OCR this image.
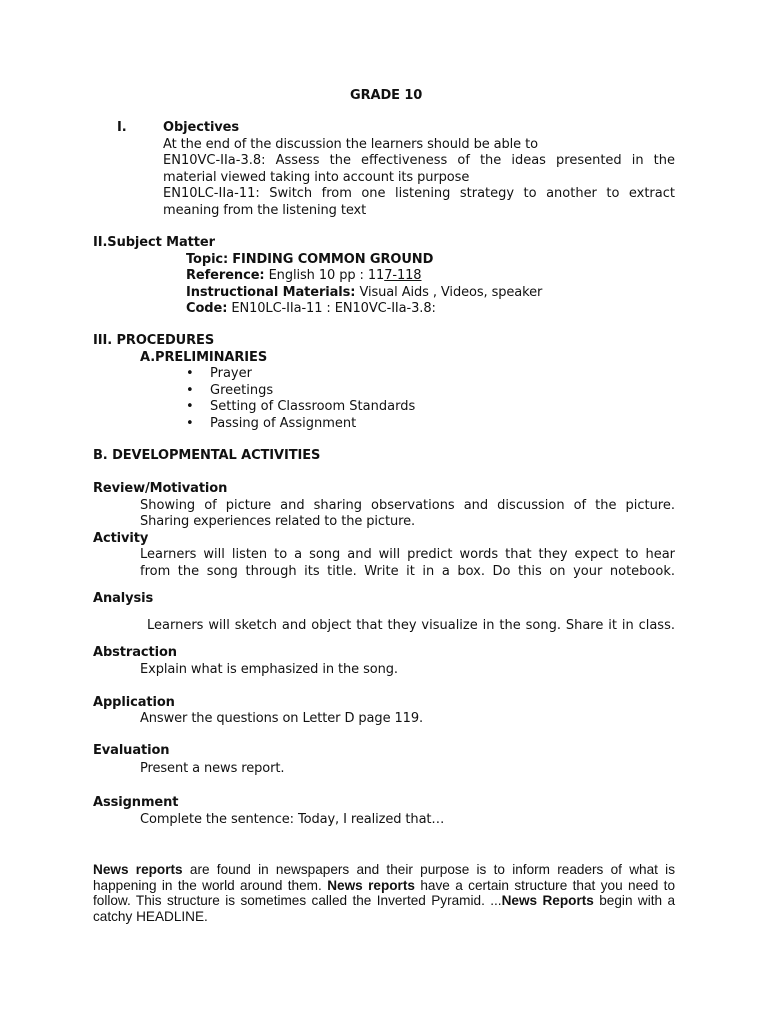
GRADE 10
I.	Objectives
At the end of the discussion the learners should be able to
EN10VC-IIa-3.8: Assess the effectiveness of the ideas presented in the
material viewed taking into account its purpose
EN10LC-IIa-11: Switch from one listening strategy to another to extract
meaning from the listening text
II.Subject Matter
Topic: FINDING COMMON GROUND
Reference: English 10 pp : 117-118
Instructional Materials: Visual Aids , Videos, speaker
Code: EN10LC-IIa-11 : EN10VC-IIa-3.8:
III. PROCEDURES
A.PRELIMINARIES
• Prayer
• Greetings
• Setting of Classroom Standards
• Passing of Assignment
B. DEVELOPMENTAL ACTIVITIES
Review/Motivation
Showing of picture and sharing observations and discussion of the picture.
Sharing experiences related to the picture.
Activity
Learners will listen to a song and will predict words that they expect to hear
from the song through its title. Write it in a box. Do this on your notebook.
Analysis
Learners will sketch and object that they visualize in the song. Share it in class.
Abstraction
Explain what is emphasized in the song.
Application
Answer the questions on Letter D page 119.
Evaluation
Present a news report.
Assignment
Complete the sentence: Today, I realized that…
News reports are found in newspapers and their purpose is to inform readers of what is happening in the world around them. News reports have a certain structure that you need to follow. This structure is sometimes called the Inverted Pyramid. ...News Reports begin with a catchy HEADLINE.
